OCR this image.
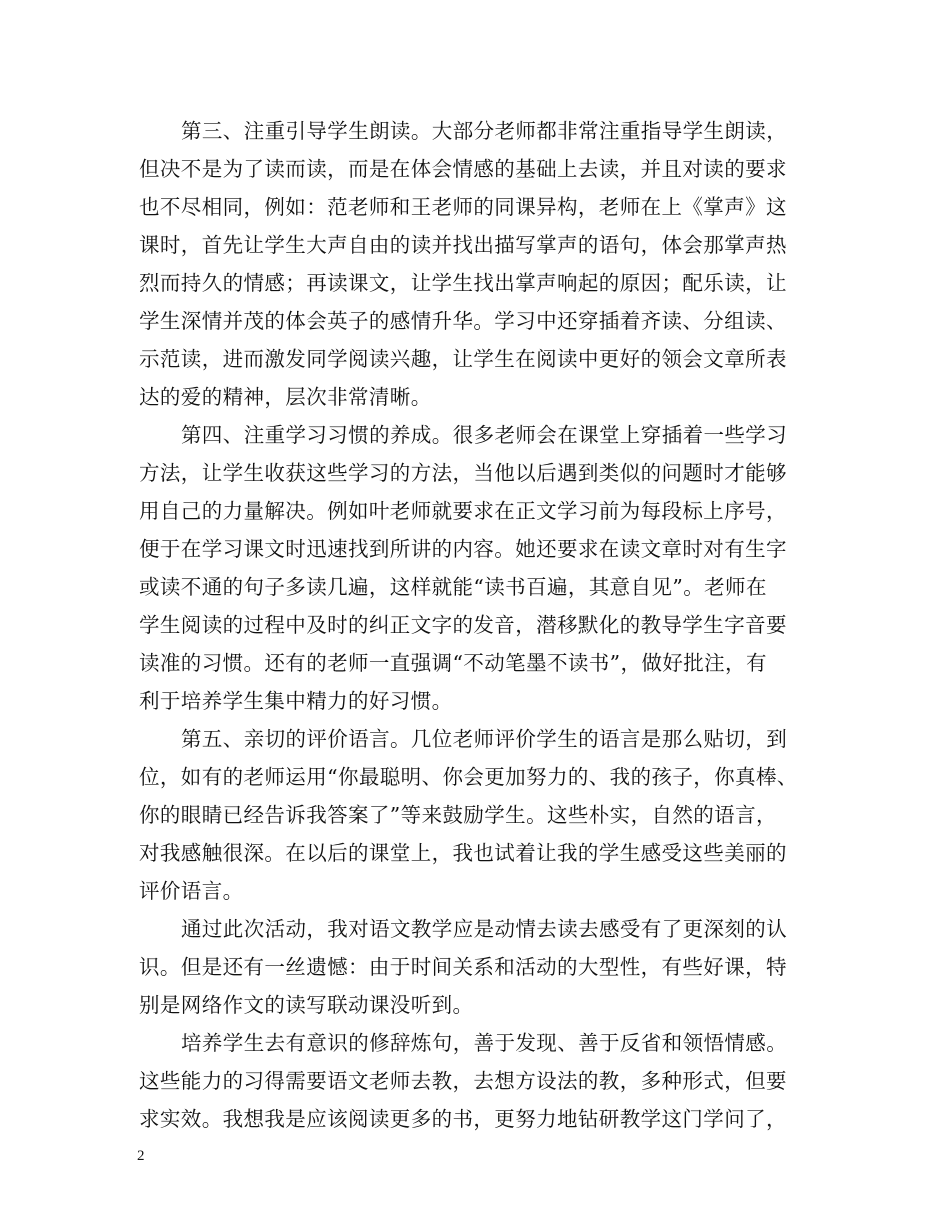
第三、注重引导学生朗读。大部分老师都非常注重指导学生朗读，
但决不是为了读而读，而是在体会情感的基础上去读，并且对读的要求
也不尽相同，例如：范老师和王老师的同课异构，老师在上《掌声》这
课时，首先让学生大声自由的读并找出描写掌声的语句，体会那掌声热
烈而持久的情感；再读课文，让学生找出掌声响起的原因；配乐读，让
学生深情并茂的体会英子的感情升华。学习中还穿插着齐读、分组读、
示范读，进而激发同学阅读兴趣，让学生在阅读中更好的领会文章所表
达的爱的精神，层次非常清晰。
第四、注重学习习惯的养成。很多老师会在课堂上穿插着一些学习
方法，让学生收获这些学习的方法，当他以后遇到类似的问题时才能够
用自己的力量解决。例如叶老师就要求在正文学习前为每段标上序号，
便于在学习课文时迅速找到所讲的内容。她还要求在读文章时对有生字
或读不通的句子多读几遍，这样就能“读书百遍，其意自见”。老师在
学生阅读的过程中及时的纠正文字的发音，潜移默化的教导学生字音要
读准的习惯。还有的老师一直强调“不动笔墨不读书”，做好批注，有
利于培养学生集中精力的好习惯。
第五、亲切的评价语言。几位老师评价学生的语言是那么贴切，到
位，如有的老师运用“你最聪明、你会更加努力的、我的孩子，你真棒、
你的眼睛已经告诉我答案了”等来鼓励学生。这些朴实，自然的语言，
对我感触很深。在以后的课堂上，我也试着让我的学生感受这些美丽的
评价语言。
通过此次活动，我对语文教学应是动情去读去感受有了更深刻的认
识。但是还有一丝遗憾：由于时间关系和活动的大型性，有些好课，特
别是网络作文的读写联动课没听到。
培养学生去有意识的修辞炼句，善于发现、善于反省和领悟情感。
这些能力的习得需要语文老师去教，去想方设法的教，多种形式，但要
求实效。我想我是应该阅读更多的书，更努力地钻研教学这门学问了，
2
